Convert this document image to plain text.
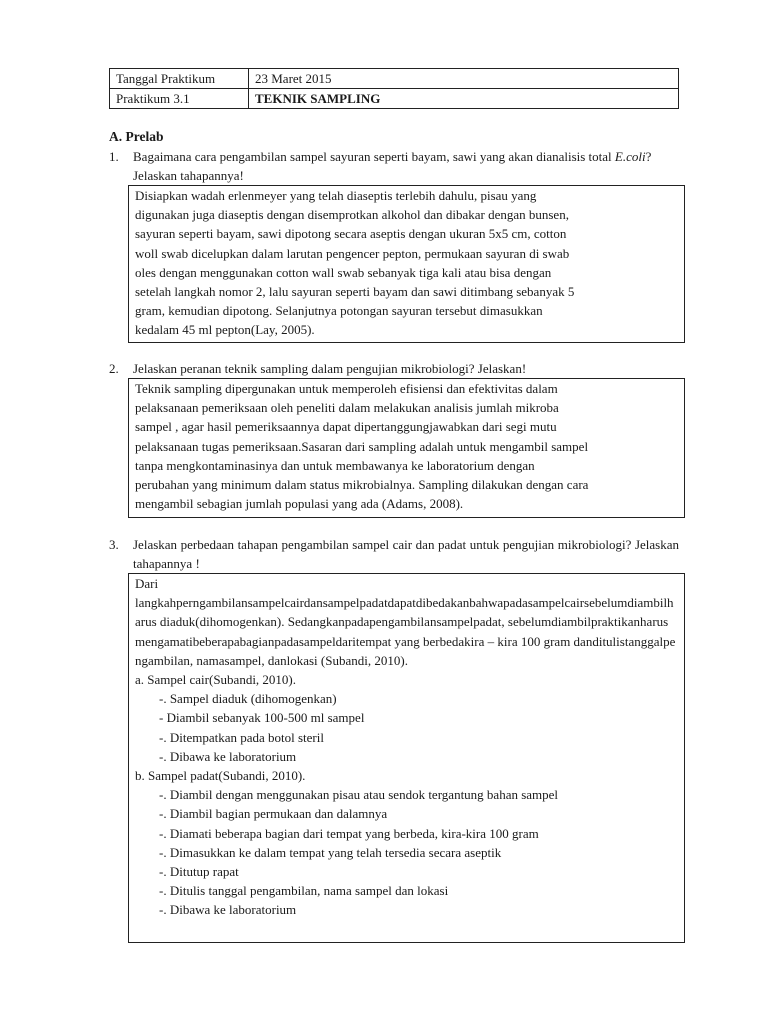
Tanggal Praktikum	23 Maret 2015
Praktikum 3.1	TEKNIK SAMPLING
A. Prelab
1. Bagaimana cara pengambilan sampel sayuran seperti bayam, sawi yang akan dianalisis total E.coli? Jelaskan tahapannya!

Disiapkan wadah erlenmeyer yang telah diaseptis terlebih dahulu, pisau yang

digunakan juga diaseptis dengan disemprotkan alkohol dan dibakar dengan bunsen,

sayuran seperti bayam, sawi dipotong secara aseptis dengan ukuran 5x5 cm, cotton

woll swab dicelupkan dalam larutan pengencer pepton, permukaan sayuran di swab

oles dengan menggunakan cotton wall swab sebanyak tiga kali atau bisa dengan

setelah langkah nomor 2, lalu sayuran seperti bayam dan sawi ditimbang sebanyak 5

gram, kemudian dipotong. Selanjutnya potongan sayuran tersebut dimasukkan

kedalam 45 ml pepton(Lay, 2005).

2. Jelaskan peranan teknik sampling dalam pengujian mikrobiologi? Jelaskan!

Teknik sampling dipergunakan untuk memperoleh efisiensi dan efektivitas dalam

pelaksanaan pemeriksaan oleh peneliti dalam melakukan analisis jumlah mikroba

sampel , agar hasil pemeriksaannya dapat dipertanggungjawabkan dari segi mutu

pelaksanaan tugas pemeriksaan.Sasaran dari sampling adalah untuk mengambil sampel

tanpa mengkontaminasinya dan untuk membawanya ke laboratorium dengan

perubahan yang minimum dalam status mikrobialnya. Sampling dilakukan dengan cara

mengambil sebagian jumlah populasi yang ada (Adams, 2008).

3. Jelaskan perbedaan tahapan pengambilan sampel cair dan padat untuk pengujian mikrobiologi? Jelaskan tahapannya !

Dari

langkahperngambilansampelcairdansampelpadatdapatdibedakanbahwapadasampelcairsebelumdiambilharus diaduk(dihomogenkan). Sedangkanpadapengambilansampelpadat, sebelumdiambilpraktikanharusmengamatibeberapabagianpadasampeldaritempat yang berbedakira – kira 100 gram danditulistanggalpengambilan, namasampel, danlokasi (Subandi, 2010).

a. Sampel cair(Subandi, 2010).

-. Sampel diaduk (dihomogenkan)

- Diambil sebanyak 100-500 ml sampel

-. Ditempatkan pada botol steril

-. Dibawa ke laboratorium

b. Sampel padat(Subandi, 2010).

-. Diambil dengan menggunakan pisau atau sendok tergantung bahan sampel

-. Diambil bagian permukaan dan dalamnya

-. Diamati beberapa bagian dari tempat yang berbeda, kira-kira 100 gram

-. Dimasukkan ke dalam tempat yang telah tersedia secara aseptik

-. Ditutup rapat

-. Ditulis tanggal pengambilan, nama sampel dan lokasi

-. Dibawa ke laboratorium
